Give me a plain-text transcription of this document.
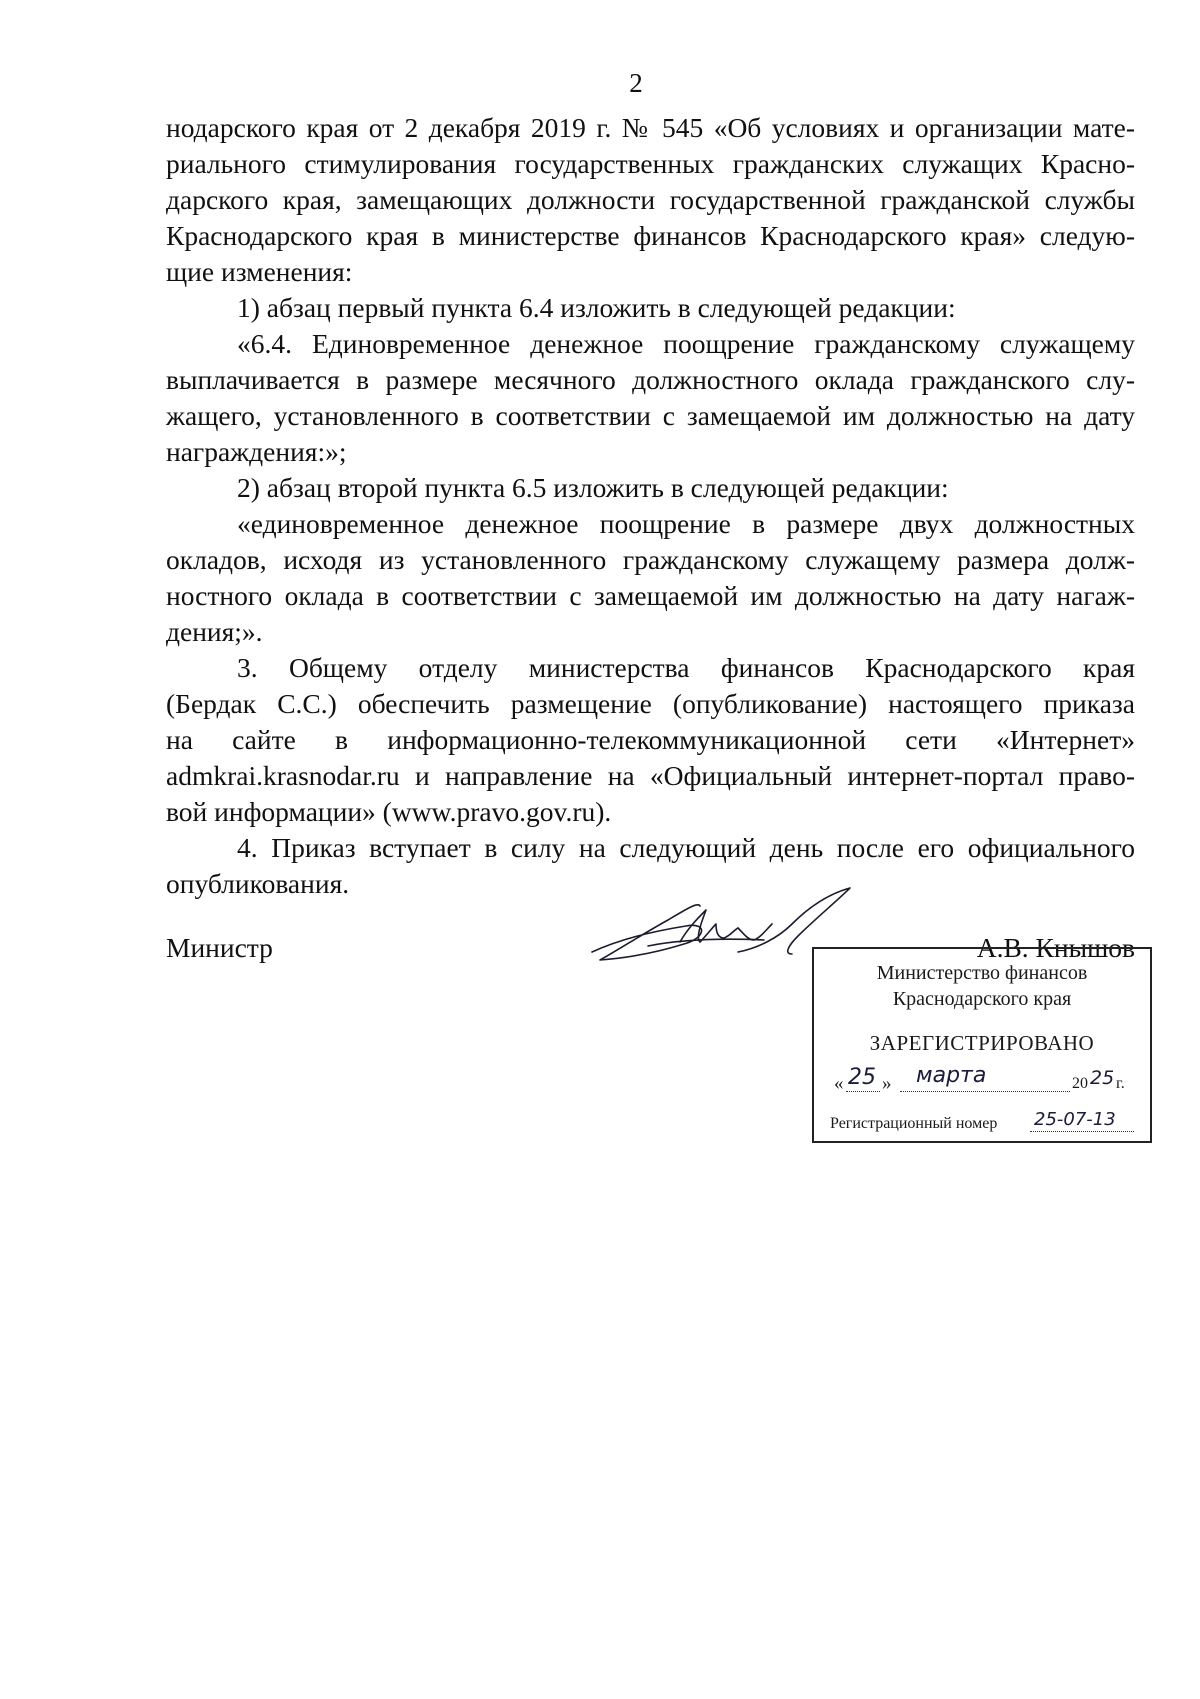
2
нодарского края от 2 декабря 2019 г. № 545 «Об условиях и организации мате-
риального стимулирования государственных гражданских служащих Красно-
дарского края, замещающих должности государственной гражданской службы
Краснодарского края в министерстве финансов Краснодарского края» следую-
щие изменения:
1) абзац первый пункта 6.4 изложить в следующей редакции:
«6.4. Единовременное денежное поощрение гражданскому служащему
выплачивается в размере месячного должностного оклада гражданского слу-
жащего, установленного в соответствии с замещаемой им должностью на дату
награждения:»;
2) абзац второй пункта 6.5 изложить в следующей редакции:
«единовременное денежное поощрение в размере двух должностных
окладов, исходя из установленного гражданскому служащему размера долж-
ностного оклада в соответствии с замещаемой им должностью на дату нагаж-
дения;».
3. Общему отделу министерства финансов Краснодарского края
(Бердак С.С.) обеспечить размещение (опубликование) настоящего приказа
на сайте в информационно-телекоммуникационной сети «Интернет»
admkrai.krasnodar.ru и направление на «Официальный интернет-портал право-
вой информации» (www.pravo.gov.ru).
4. Приказ вступает в силу на следующий день после его официального
опубликования.
Министр	А.В. Кнышов
Министерство финансов
Краснодарского края
ЗАРЕГИСТРИРОВАНО
« 25 » марта	20 25 г.
Регистрационный номер 25-07-13
